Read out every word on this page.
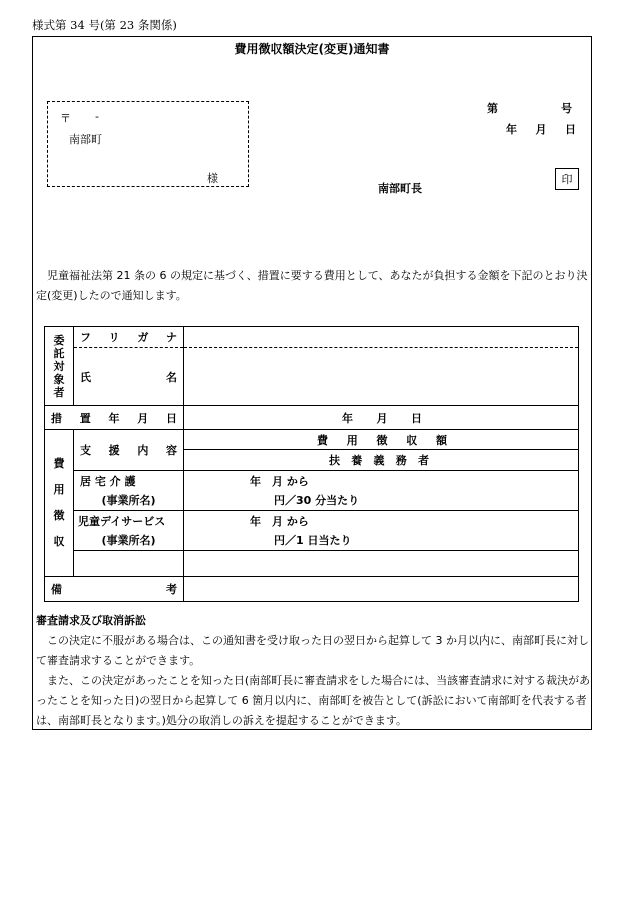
様式第 34 号(第 23 条関係)
費用徴収額決定(変更)通知書
〒 -
南部町
様
第	号
年 月 日
南部町長
印

児童福祉法第 21 条の 6 の規定に基づく、措置に要する費用として、あなたが負担する金額を下記のとおり決定(変更)したので通知します。

委
託
対
象
者	フ リ ガ ナ	

	氏 名	

措 置 年 月 日		年 月 日

費
用
徴
収	支 援 内 容	費 用 徴 収 額

		扶 養 義 務 者

	居 宅 介 護	年　月 から
	(事業所名)	円／30 分当たり

	児童デイサービス	年　月 から
	(事業所名)	円／1 日当たり

備 考		

審査請求及び取消訴訟

この決定に不服がある場合は、この通知書を受け取った日の翌日から起算して 3 か月以内に、南部町長に対して審査請求することができます。

また、この決定があったことを知った日(南部町長に審査請求をした場合には、当該審査請求に対する裁決があったことを知った日)の翌日から起算して 6 箇月以内に、南部町を被告として(訴訟において南部町を代表する者は、南部町長となります。)処分の取消しの訴えを提起することができます。
